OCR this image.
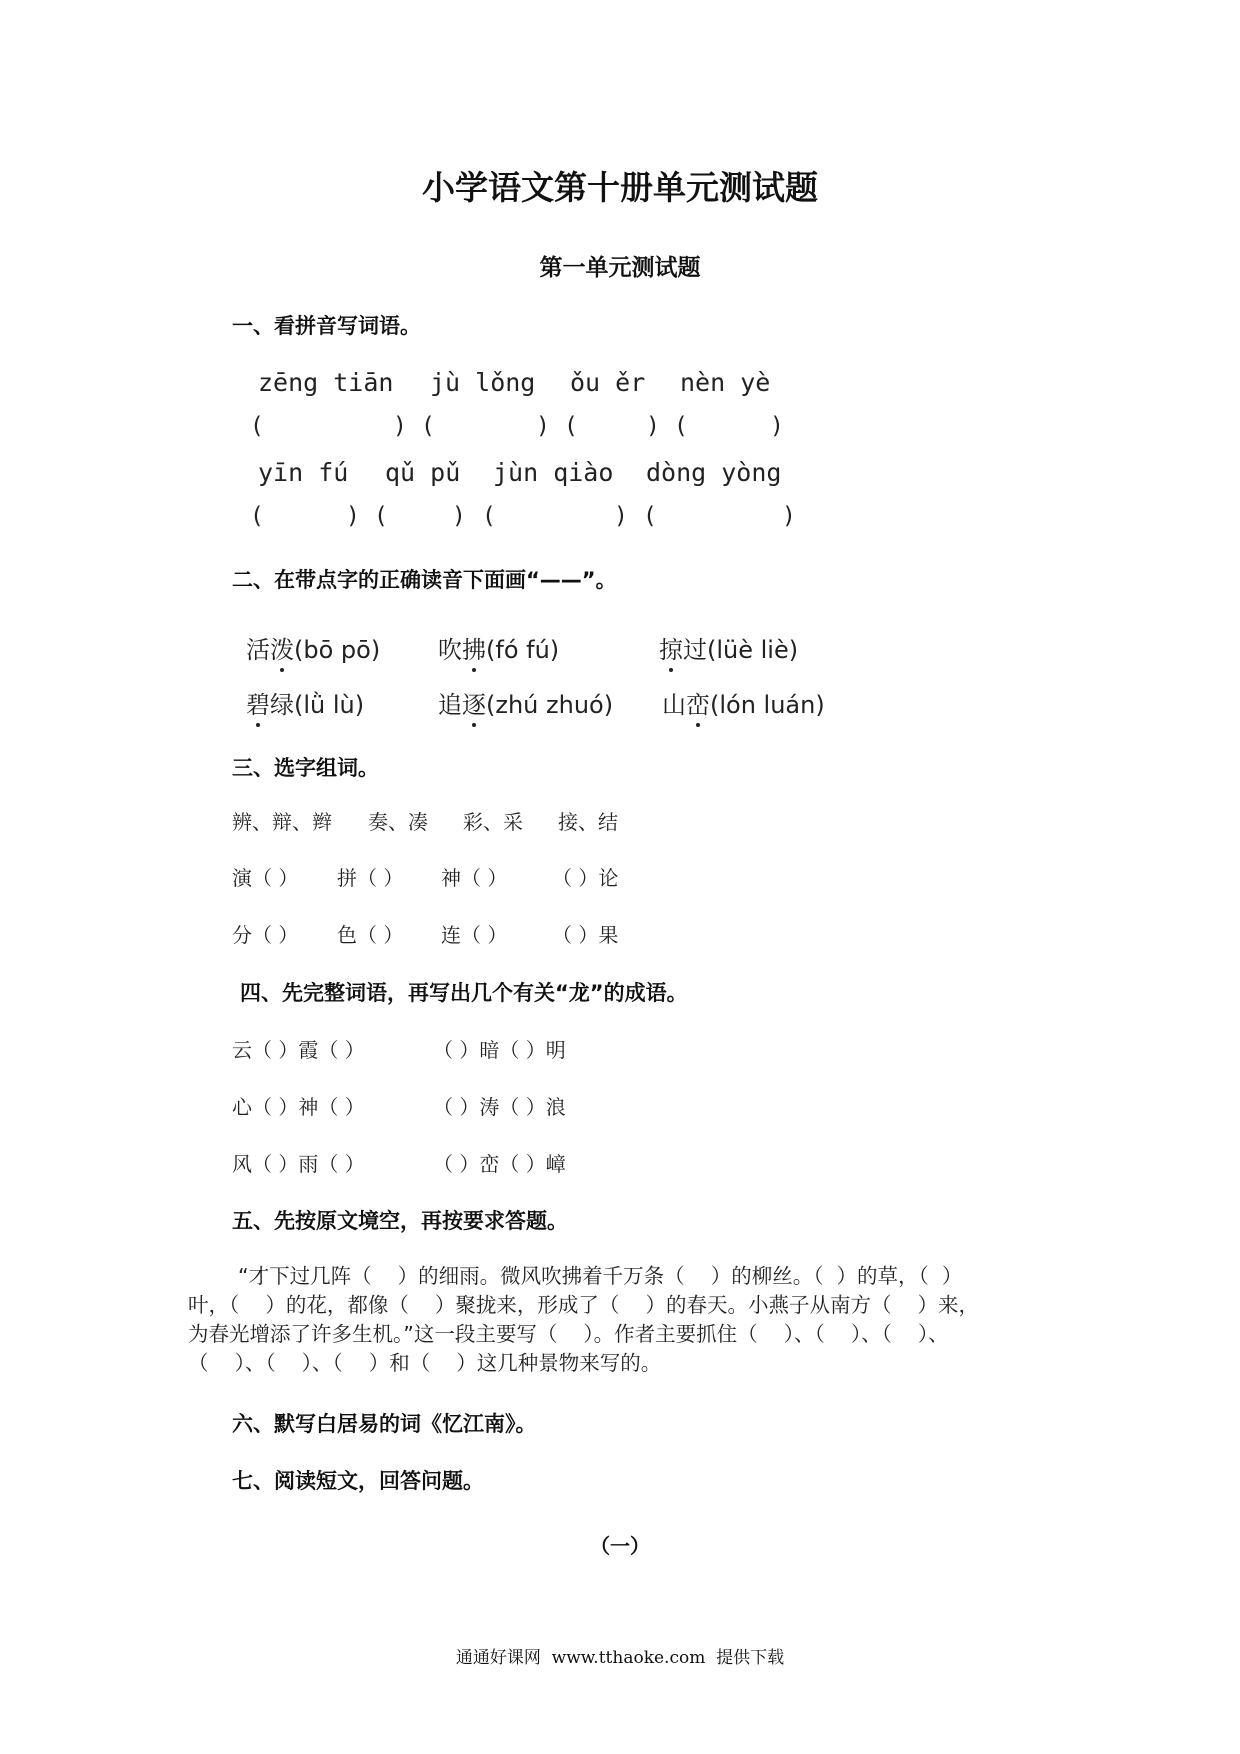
小学语文第十册单元测试题
第一单元测试题
一、看拼音写词语。
zēng tiān jù lǒng ǒu ěr nèn yè
(	) (	) (	) (	)
yīn fú qǔ pǔ jùn qiào dòng yòng
(	) (	) (	) (	)
二、在带点字的正确读音下面画“——”。
活泼(bō pō) 吹拂(fó fú)	掠过(lüè liè)
碧绿(lǜ lù)	追逐(zhú zhuó) 山峦(lón luán)
三、选字组词。
辨、辩、辫 奏、凑 彩、采 接、结
演（ ） 拼（ ） 神（ ） （ ）论
分（ ） 色（ ） 连（ ） （ ）果
四、先完整词语，再写出几个有关“龙”的成语。
云（ ）霞（ ）	（ ）暗（ ）明
心（ ）神（ ）	（ ）涛（ ）浪
风（ ）雨（ ）	（ ）峦（ ）嶂
五、先按原文境空，再按要求答题。
“才下过几阵（    ）的细雨。微风吹拂着千万条（    ）的柳丝。（  ）的草，（  ）
叶，（    ）的花，都像（    ）聚拢来，形成了（    ）的春天。小燕子从南方（    ）来，
为春光增添了许多生机。”这一段主要写（    ）。作者主要抓住（    ）、（    ）、（    ）、
（    ）、（    ）、（    ）和（    ）这几种景物来写的。
六、默写白居易的词《忆江南》。
七、阅读短文，回答问题。
（一）
通通好课网  www.tthaoke.com  提供下载
